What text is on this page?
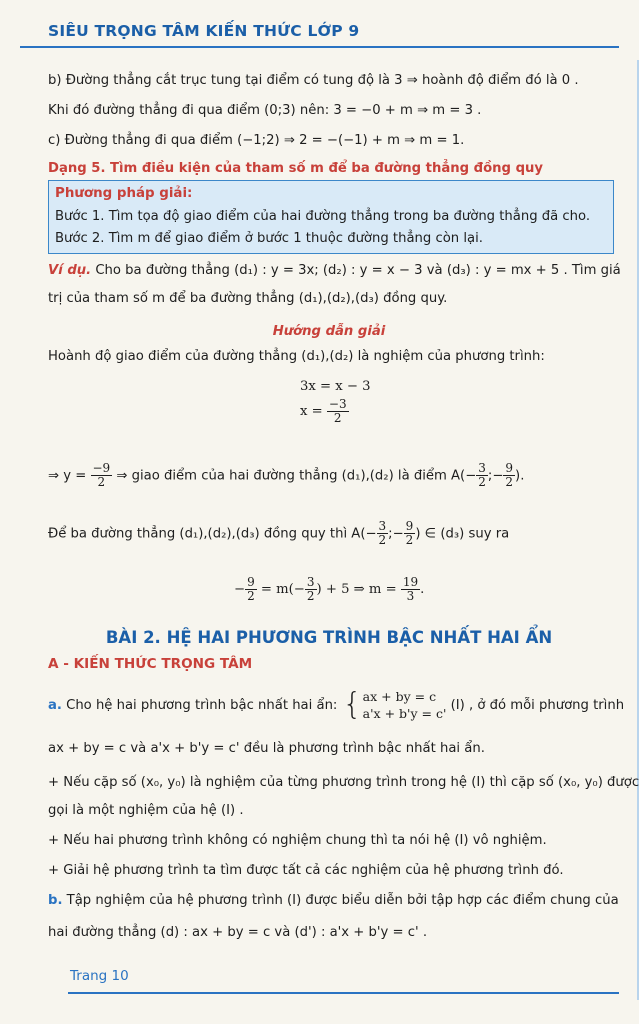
SIÊU TRỌNG TÂM KIẾN THỨC LỚP 9
b) Đường thẳng cắt trục tung tại điểm có tung độ là 3 ⇒ hoành độ điểm đó là 0 .
Khi đó đường thẳng đi qua điểm (0;3) nên: 3 = −0 + m ⇒ m = 3 .
c) Đường thẳng đi qua điểm (−1;2) ⇒ 2 = −(−1) + m ⇒ m = 1.
Dạng 5. Tìm điều kiện của tham số m để ba đường thẳng đồng quy
Phương pháp giải:
Bước 1. Tìm tọa độ giao điểm của hai đường thẳng trong ba đường thẳng đã cho.
Bước 2. Tìm m để giao điểm ở bước 1 thuộc đường thẳng còn lại.
Ví dụ. Cho ba đường thẳng (d₁) : y = 3x; (d₂) : y = x − 3 và (d₃) : y = mx + 5 . Tìm giá
trị của tham số m để ba đường thẳng (d₁),(d₂),(d₃) đồng quy.
Hướng dẫn giải
Hoành độ giao điểm của đường thẳng (d₁),(d₂) là nghiệm của phương trình:
3x = x − 3
$x = \frac{-3}{2}$
⇒ $y = \frac{-9}{2}$ ⇒ giao điểm của hai đường thẳng (d₁),(d₂) là điểm $A(- \frac{3}{2}$ ;− $\frac{9}{2}$ ).
Để ba đường thẳng (d₁),(d₂),(d₃) đồng quy thì $A(- \frac{3}{2}$ ;− $\frac{9}{2}$ ) ∈ (d₃) suy ra
− $\frac{9}{2} = m(- \frac{3}{2}$ ) + 5 ⇒ $m = \frac{19}{3}$ .
BÀI 2. HỆ HAI PHƯƠNG TRÌNH BẬC NHẤT HAI ẨN
A - KIẾN THỨC TRỌNG TÂM
a. Cho hệ hai phương trình bậc nhất hai ẩn: { ax + by = c
a'x + b'y = c'
(I) , ở đó mỗi phương trình
ax + by = c và a'x + b'y = c' đều là phương trình bậc nhất hai ẩn.
+ Nếu cặp số (x₀, y₀) là nghiệm của từng phương trình trong hệ (I) thì cặp số (x₀, y₀) được
gọi là một nghiệm của hệ (I) .
+ Nếu hai phương trình không có nghiệm chung thì ta nói hệ (I) vô nghiệm.
+ Giải hệ phương trình ta tìm được tất cả các nghiệm của hệ phương trình đó.
b. Tập nghiệm của hệ phương trình (I) được biểu diễn bởi tập hợp các điểm chung của
hai đường thẳng (d) : ax + by = c và (d') : a'x + b'y = c' .
Trang 10
